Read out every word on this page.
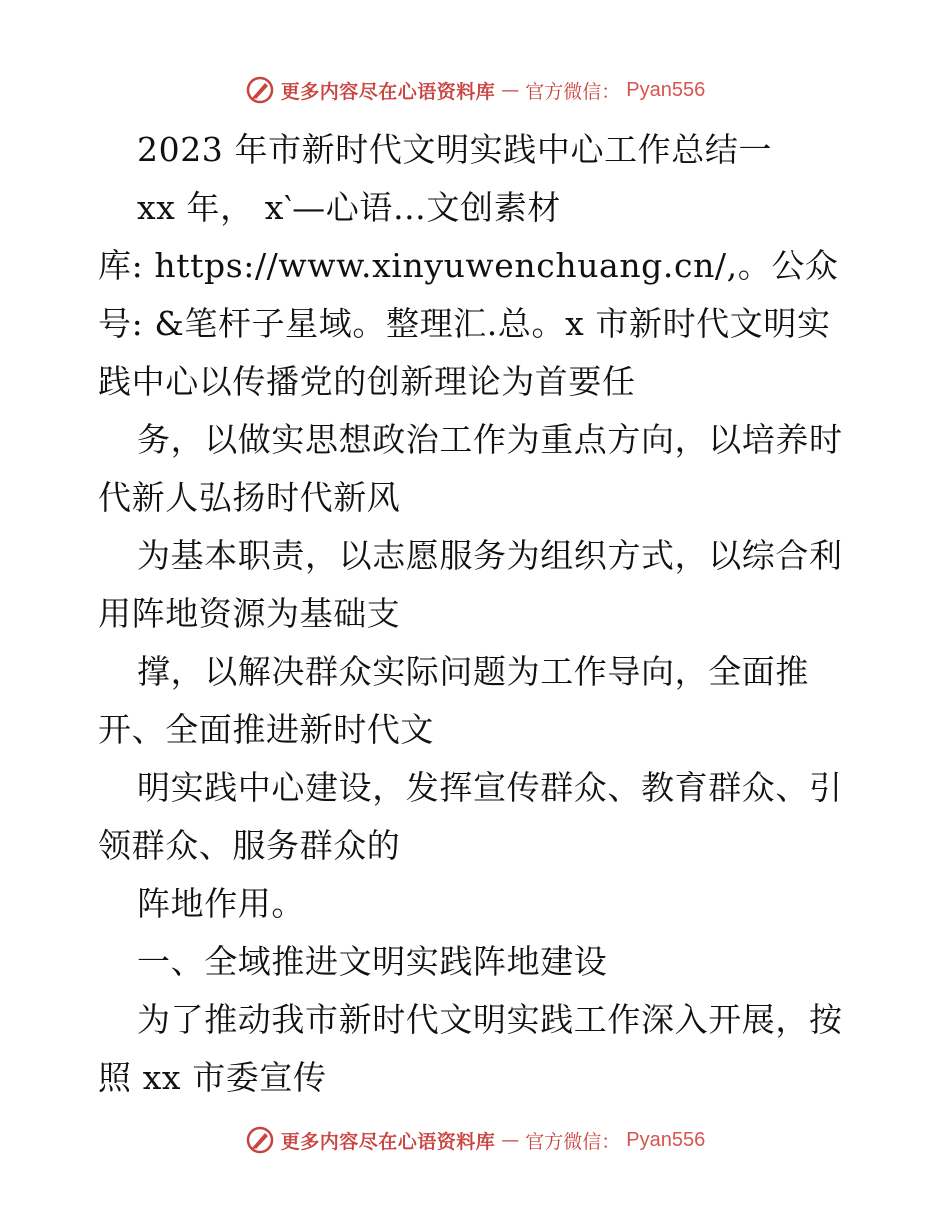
更多内容尽在心语资料库 — 官方微信： Pyan556
2023 年市新时代文明实践中心工作总结一
xx 年， x‵—心语…文创素材
库: https://www.xinyuwenchuang.cn/,。公众
号: &笔杆子星域。整理汇.总。x 市新时代文明实
践中心以传播党的创新理论为首要任
务，以做实思想政治工作为重点方向，以培养时
代新人弘扬时代新风
为基本职责，以志愿服务为组织方式，以综合利
用阵地资源为基础支
撑，以解决群众实际问题为工作导向，全面推
开、全面推进新时代文
明实践中心建设，发挥宣传群众、教育群众、引
领群众、服务群众的
阵地作用。
一、全域推进文明实践阵地建设
为了推动我市新时代文明实践工作深入开展，按
照 xx 市委宣传
更多内容尽在心语资料库 — 官方微信： Pyan556
